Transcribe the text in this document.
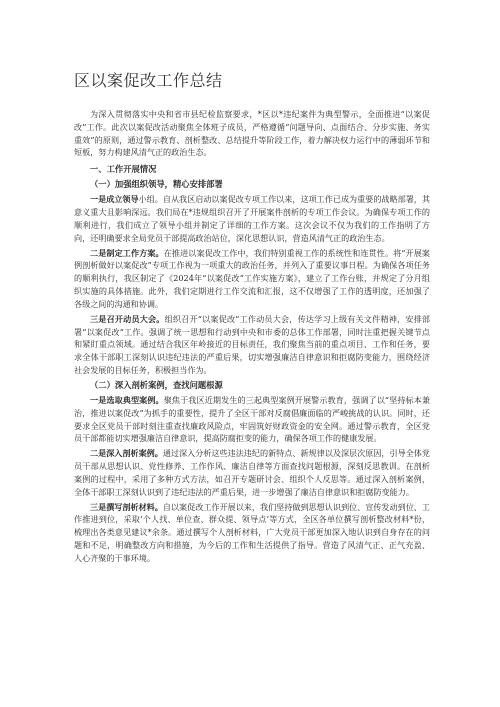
区以案促改工作总结

为深入贯彻落实中央和省市县纪检监察要求，*区以*违纪案件为典型警示，全面推进“以案促改”工作。此次以案促改活动聚焦全体班子成员，严格遵循“问题导向、点面结合、分步实施、务实重效”的原则，通过警示教育、剖析整改、总结提升等阶段工作，着力解决权力运行中的薄弱环节和短板，努力构建风清气正的政治生态。

一、工作开展情况

（一）加强组织领导，精心安排部署

一是成立领导小组。自从我区启动以案促改专项工作以来，这项工作已成为重要的战略部署，其意义重大且影响深远。我们局在*违规组织召开了开展案件剖析的专项工作会议。为确保专项工作的顺利进行，我们成立了领导小组并制定了详细的工作方案。这次会议不仅为我们的工作指明了方向，还明确要求全局党员干部提高政治站位，深化思想认识，营造风清气正的政治生态。

二是制定工作方案。在推进以案促改工作中，我们特别重视工作的系统性和连贯性。将“开展案例剖析做好以案促改”专项工作视为一项重大的政治任务，并列入了重要议事日程。为确保各项任务的顺利执行，我区制定了《2024年“以案促改”工作实施方案》，建立了工作台账，并规定了分月组织实施的具体措施。此外，我们定期进行工作交流和汇报，这不仅增强了工作的透明度，还加强了各级之间的沟通和协调。

三是召开动员大会。组织召开“以案促改”工作动员大会，传达学习上级有关文件精神，安排部署“以案促改”工作。强调了统一思想和行动到中央和市委的总体工作部署，同时注重把握关键节点和紧盯重点领域。通过结合我区年岭接近的目标责任，我们聚焦当前的重点项目、工作和任务，要求全体干部职工深刻认识违纪违法的严重后果，切实增强廉洁自律意识和拒腐防变能力，围绕经济社会发展的目标任务，积极担当作为。

（二）深入剖析案例，查找问题根源

一是选取典型案例。聚焦于我区近期发生的三起典型案例开展警示教育，强调了以“坚持标本兼治，推进以案促改”为抓手的重要性，提升了全区干部对反腐倡廉面临的严峻挑战的认识。同时，还要求全区党员干部时刻注重查找廉政风险点，牢固筑好财政资金的安全网。通过警示教育，全区党员干部都能切实增强廉洁自律意识，提高防腐拒变的能力，确保各项工作的健康发展。

二是深入剖析案例。通过深入分析这些违法违纪的新特点、新规律以及深层次原因，引导全体党员干部从思想认识、党性修养、工作作风、廉洁自律等方面查找问题根源，深刻反思教训。在剖析案例的过程中，采用了多种方式方法，如召开专题研讨会、组织个人反思等。通过深入剖析案例，全体干部职工深刻认识到了违纪违法的严重后果，进一步增强了廉洁自律意识和拒腐防变能力。

三是撰写剖析材料。自以案促改工作开展以来，我们坚持做到思想认识到位、宣传发动到位、工作推进到位，采取‘个人找、单位查、群众提、领导点’等方式，全区各单位撰写剖析整改材料*份，梳理出各类意见建议*余条。通过撰写个人剖析材料，广大党员干部更加深入地认识到自身存在的问题和不足，明确整改方向和措施，为今后的工作和生活提供了指导。营造了风清气正、正气充盈、人心齐聚的干事环境。
